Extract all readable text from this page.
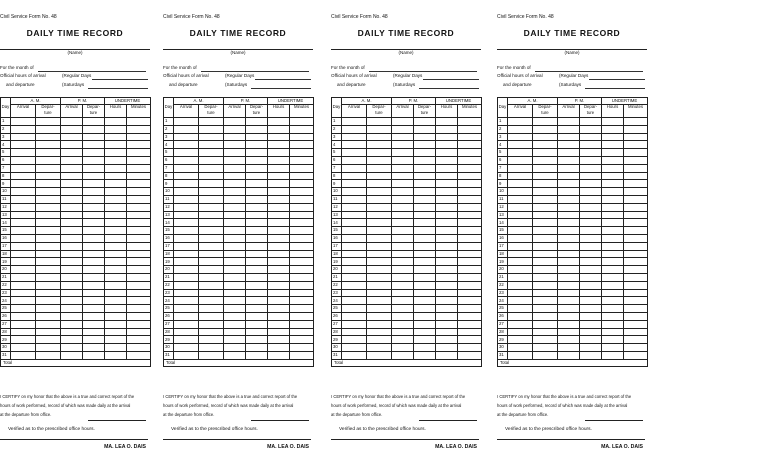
Civil Service Form No. 48
DAILY TIME RECORD
(Name)
For the month of
Official hours of arrival	(Regular Days
and departure	(Saturdays
	A. M.		P. M.		UNDERTIME	
Day	Arrival	Depar-	Arrival	Depar-	Hours	Minutes
		ture		ture		
1						
2						
3						
4						
5						
6						
7						
8						
9						
10						
11						
12						
13						
14						
15						
16						
17						
18						
19						
20						
21						
22						
23						
24						
25						
26						
27						
28						
29						
30						
31						
Total						
I CERTIFY on my honor that the above is a true and correct report of the
hours of work performed, record of which was made daily at the arrival
at the departure from office.
Verified as to the prescribed office hours.
MA. LEA O. DAIS
Civil Service Form No. 48
DAILY TIME RECORD
(Name)
For the month of
Official hours of arrival	(Regular Days
and departure	(Saturdays
	A. M.		P. M.		UNDERTIME	
Day	Arrival	Depar-	Arrival	Depar-	Hours	Minutes
		ture		ture		
1						
2						
3						
4						
5						
6						
7						
8						
9						
10						
11						
12						
13						
14						
15						
16						
17						
18						
19						
20						
21						
22						
23						
24						
25						
26						
27						
28						
29						
30						
31						
Total						
I CERTIFY on my honor that the above is a true and correct report of the
hours of work performed, record of which was made daily at the arrival
at the departure from office.
Verified as to the prescribed office hours.
MA. LEA O. DAIS
Civil Service Form No. 48
DAILY TIME RECORD
(Name)
For the month of
Official hours of arrival	(Regular Days
and departure	(Saturdays
	A. M.		P. M.		UNDERTIME	
Day	Arrival	Depar-	Arrival	Depar-	Hours	Minutes
		ture		ture		
1						
2						
3						
4						
5						
6						
7						
8						
9						
10						
11						
12						
13						
14						
15						
16						
17						
18						
19						
20						
21						
22						
23						
24						
25						
26						
27						
28						
29						
30						
31						
Total						
I CERTIFY on my honor that the above is a true and correct report of the
hours of work performed, record of which was made daily at the arrival
at the departure from office.
Verified as to the prescribed office hours.
MA. LEA O. DAIS
Civil Service Form No. 48
DAILY TIME RECORD
(Name)
For the month of
Official hours of arrival	(Regular Days
and departure	(Saturdays
	A. M.		P. M.		UNDERTIME	
Day	Arrival	Depar-	Arrival	Depar-	Hours	Minutes
		ture		ture		
1						
2						
3						
4						
5						
6						
7						
8						
9						
10						
11						
12						
13						
14						
15						
16						
17						
18						
19						
20						
21						
22						
23						
24						
25						
26						
27						
28						
29						
30						
31						
Total						
I CERTIFY on my honor that the above is a true and correct report of the
hours of work performed, record of which was made daily at the arrival
at the departure from office.
Verified as to the prescribed office hours.
MA. LEA O. DAIS
